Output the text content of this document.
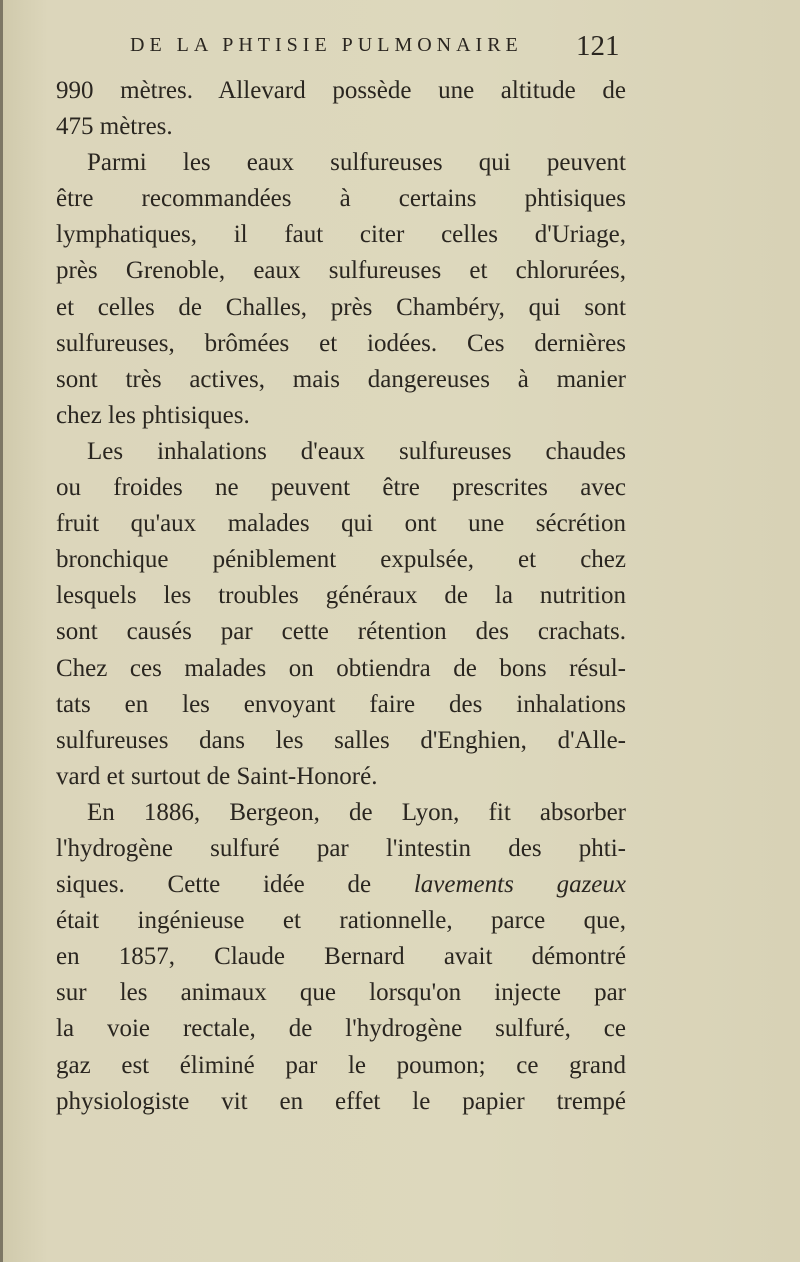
DE LA PHTISIE PULMONAIRE 121
990 mètres. Allevard possède une altitude de
475 mètres.
Parmi les eaux sulfureuses qui peuvent
être recommandées à certains phtisiques
lymphatiques, il faut citer celles d'Uriage,
près Grenoble, eaux sulfureuses et chlorurées,
et celles de Challes, près Chambéry, qui sont
sulfureuses, brômées et iodées. Ces dernières
sont très actives, mais dangereuses à manier
chez les phtisiques.
Les inhalations d'eaux sulfureuses chaudes
ou froides ne peuvent être prescrites avec
fruit qu'aux malades qui ont une sécrétion
bronchique péniblement expulsée, et chez
lesquels les troubles généraux de la nutrition
sont causés par cette rétention des crachats.
Chez ces malades on obtiendra de bons résul-
tats en les envoyant faire des inhalations
sulfureuses dans les salles d'Enghien, d'Alle-
vard et surtout de Saint-Honoré.
En 1886, Bergeon, de Lyon, fit absorber
l'hydrogène sulfuré par l'intestin des phti-
siques. Cette idée de lavements gazeux
était ingénieuse et rationnelle, parce que,
en 1857, Claude Bernard avait démontré
sur les animaux que lorsqu'on injecte par
la voie rectale, de l'hydrogène sulfuré, ce
gaz est éliminé par le poumon; ce grand
physiologiste vit en effet le papier trempé
